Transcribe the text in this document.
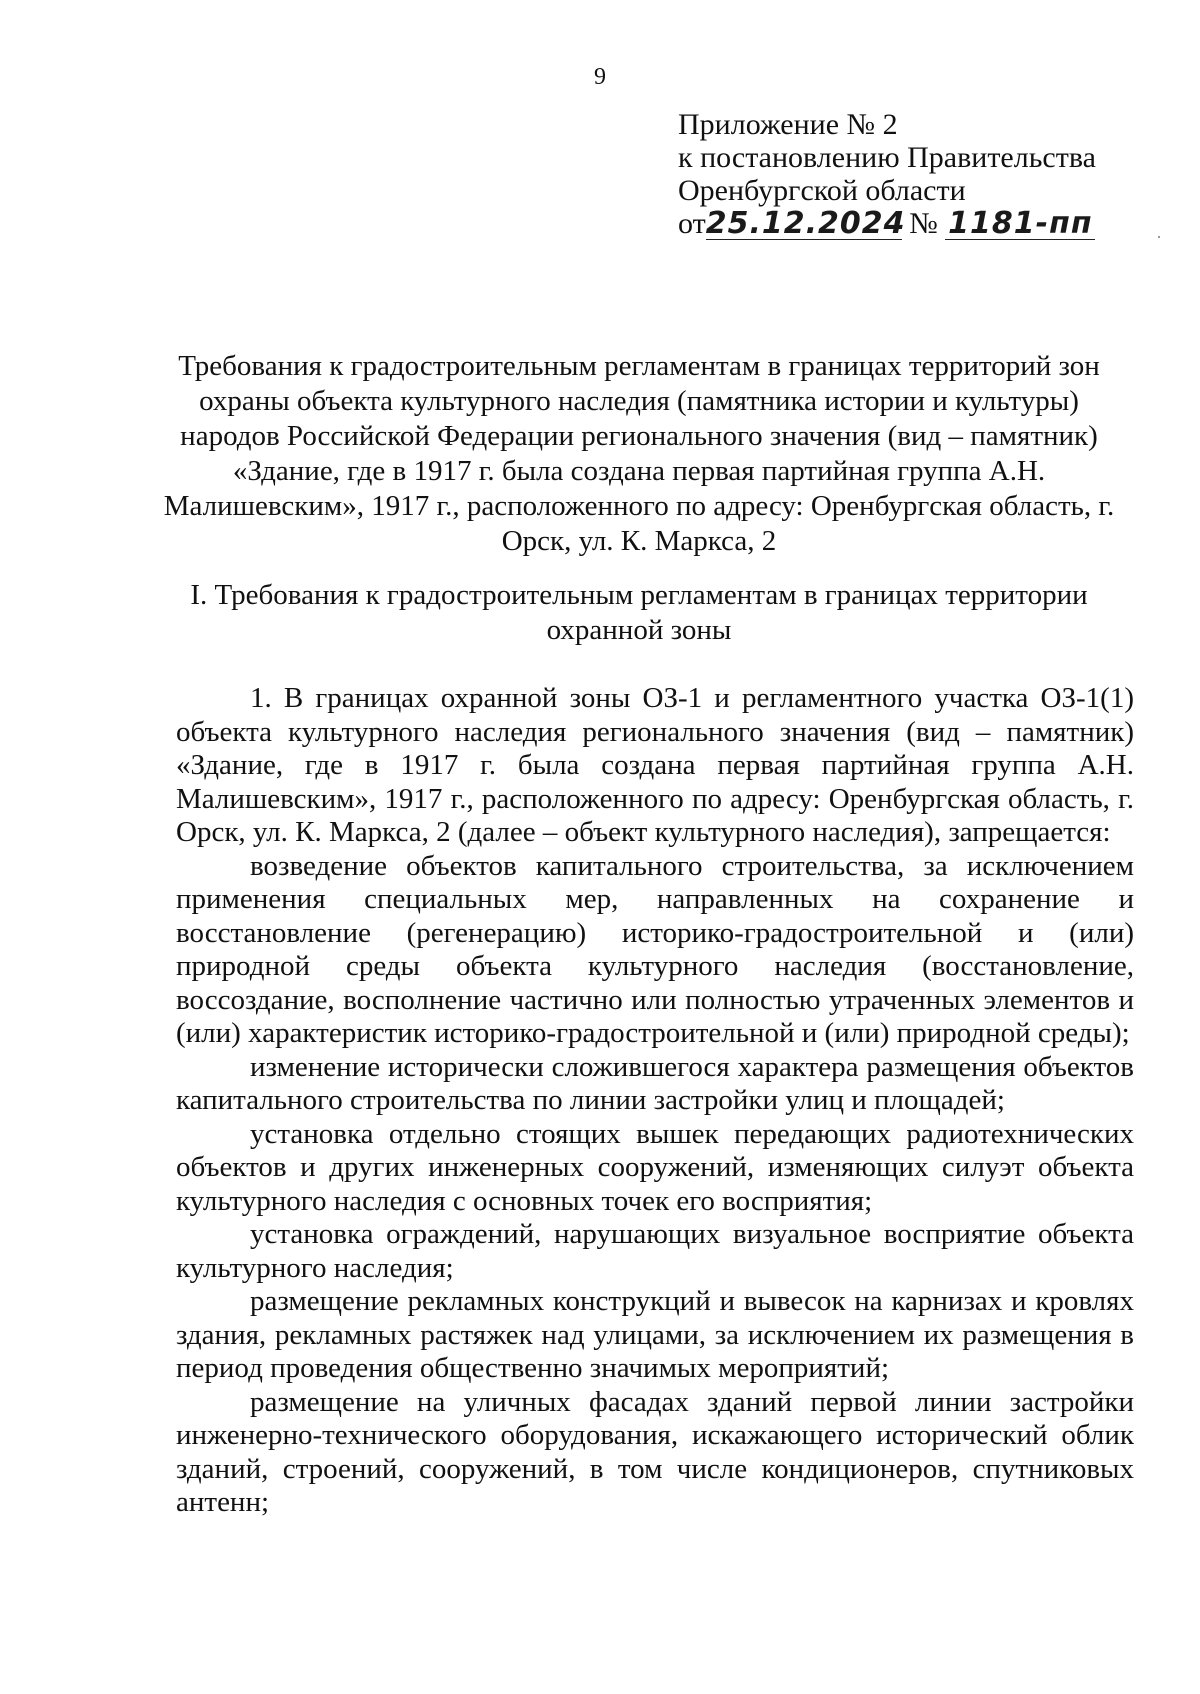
9
Приложение № 2
к постановлению Правительства
Оренбургской области
от25.12.2024 № 1181-пп
Требования к градостроительным регламентам в границах территорий зон охраны объекта культурного наследия (памятника истории и культуры) народов Российской Федерации регионального значения (вид – памятник) «Здание, где в 1917 г. была создана первая партийная группа А.Н. Малишевским», 1917 г., расположенного по адресу: Оренбургская область, г. Орск, ул. К. Маркса, 2
I. Требования к градостроительным регламентам в границах территории охранной зоны

1. В границах охранной зоны ОЗ-1 и регламентного участка ОЗ-1(1) объекта культурного наследия регионального значения (вид – памятник) «Здание, где в 1917 г. была создана первая партийная группа А.Н. Малишевским», 1917 г., расположенного по адресу: Оренбургская область, г. Орск, ул. К. Маркса, 2 (далее – объект культурного наследия), запрещается:

возведение объектов капитального строительства, за исключением применения специальных мер, направленных на сохранение и восстановление (регенерацию) историко-градостроительной и (или) природной среды объекта культурного наследия (восстановление, воссоздание, восполнение частично или полностью утраченных элементов и (или) характеристик историко-градостроительной и (или) природной среды);

изменение исторически сложившегося характера размещения объектов капитального строительства по линии застройки улиц и площадей;

установка отдельно стоящих вышек передающих радиотехнических объектов и других инженерных сооружений, изменяющих силуэт объекта культурного наследия с основных точек его восприятия;

установка ограждений, нарушающих визуальное восприятие объекта культурного наследия;

размещение рекламных конструкций и вывесок на карнизах и кровлях здания, рекламных растяжек над улицами, за исключением их размещения в период проведения общественно значимых мероприятий;

размещение на уличных фасадах зданий первой линии застройки инженерно-технического оборудования, искажающего исторический облик зданий, строений, сооружений, в том числе кондиционеров, спутниковых антенн;
